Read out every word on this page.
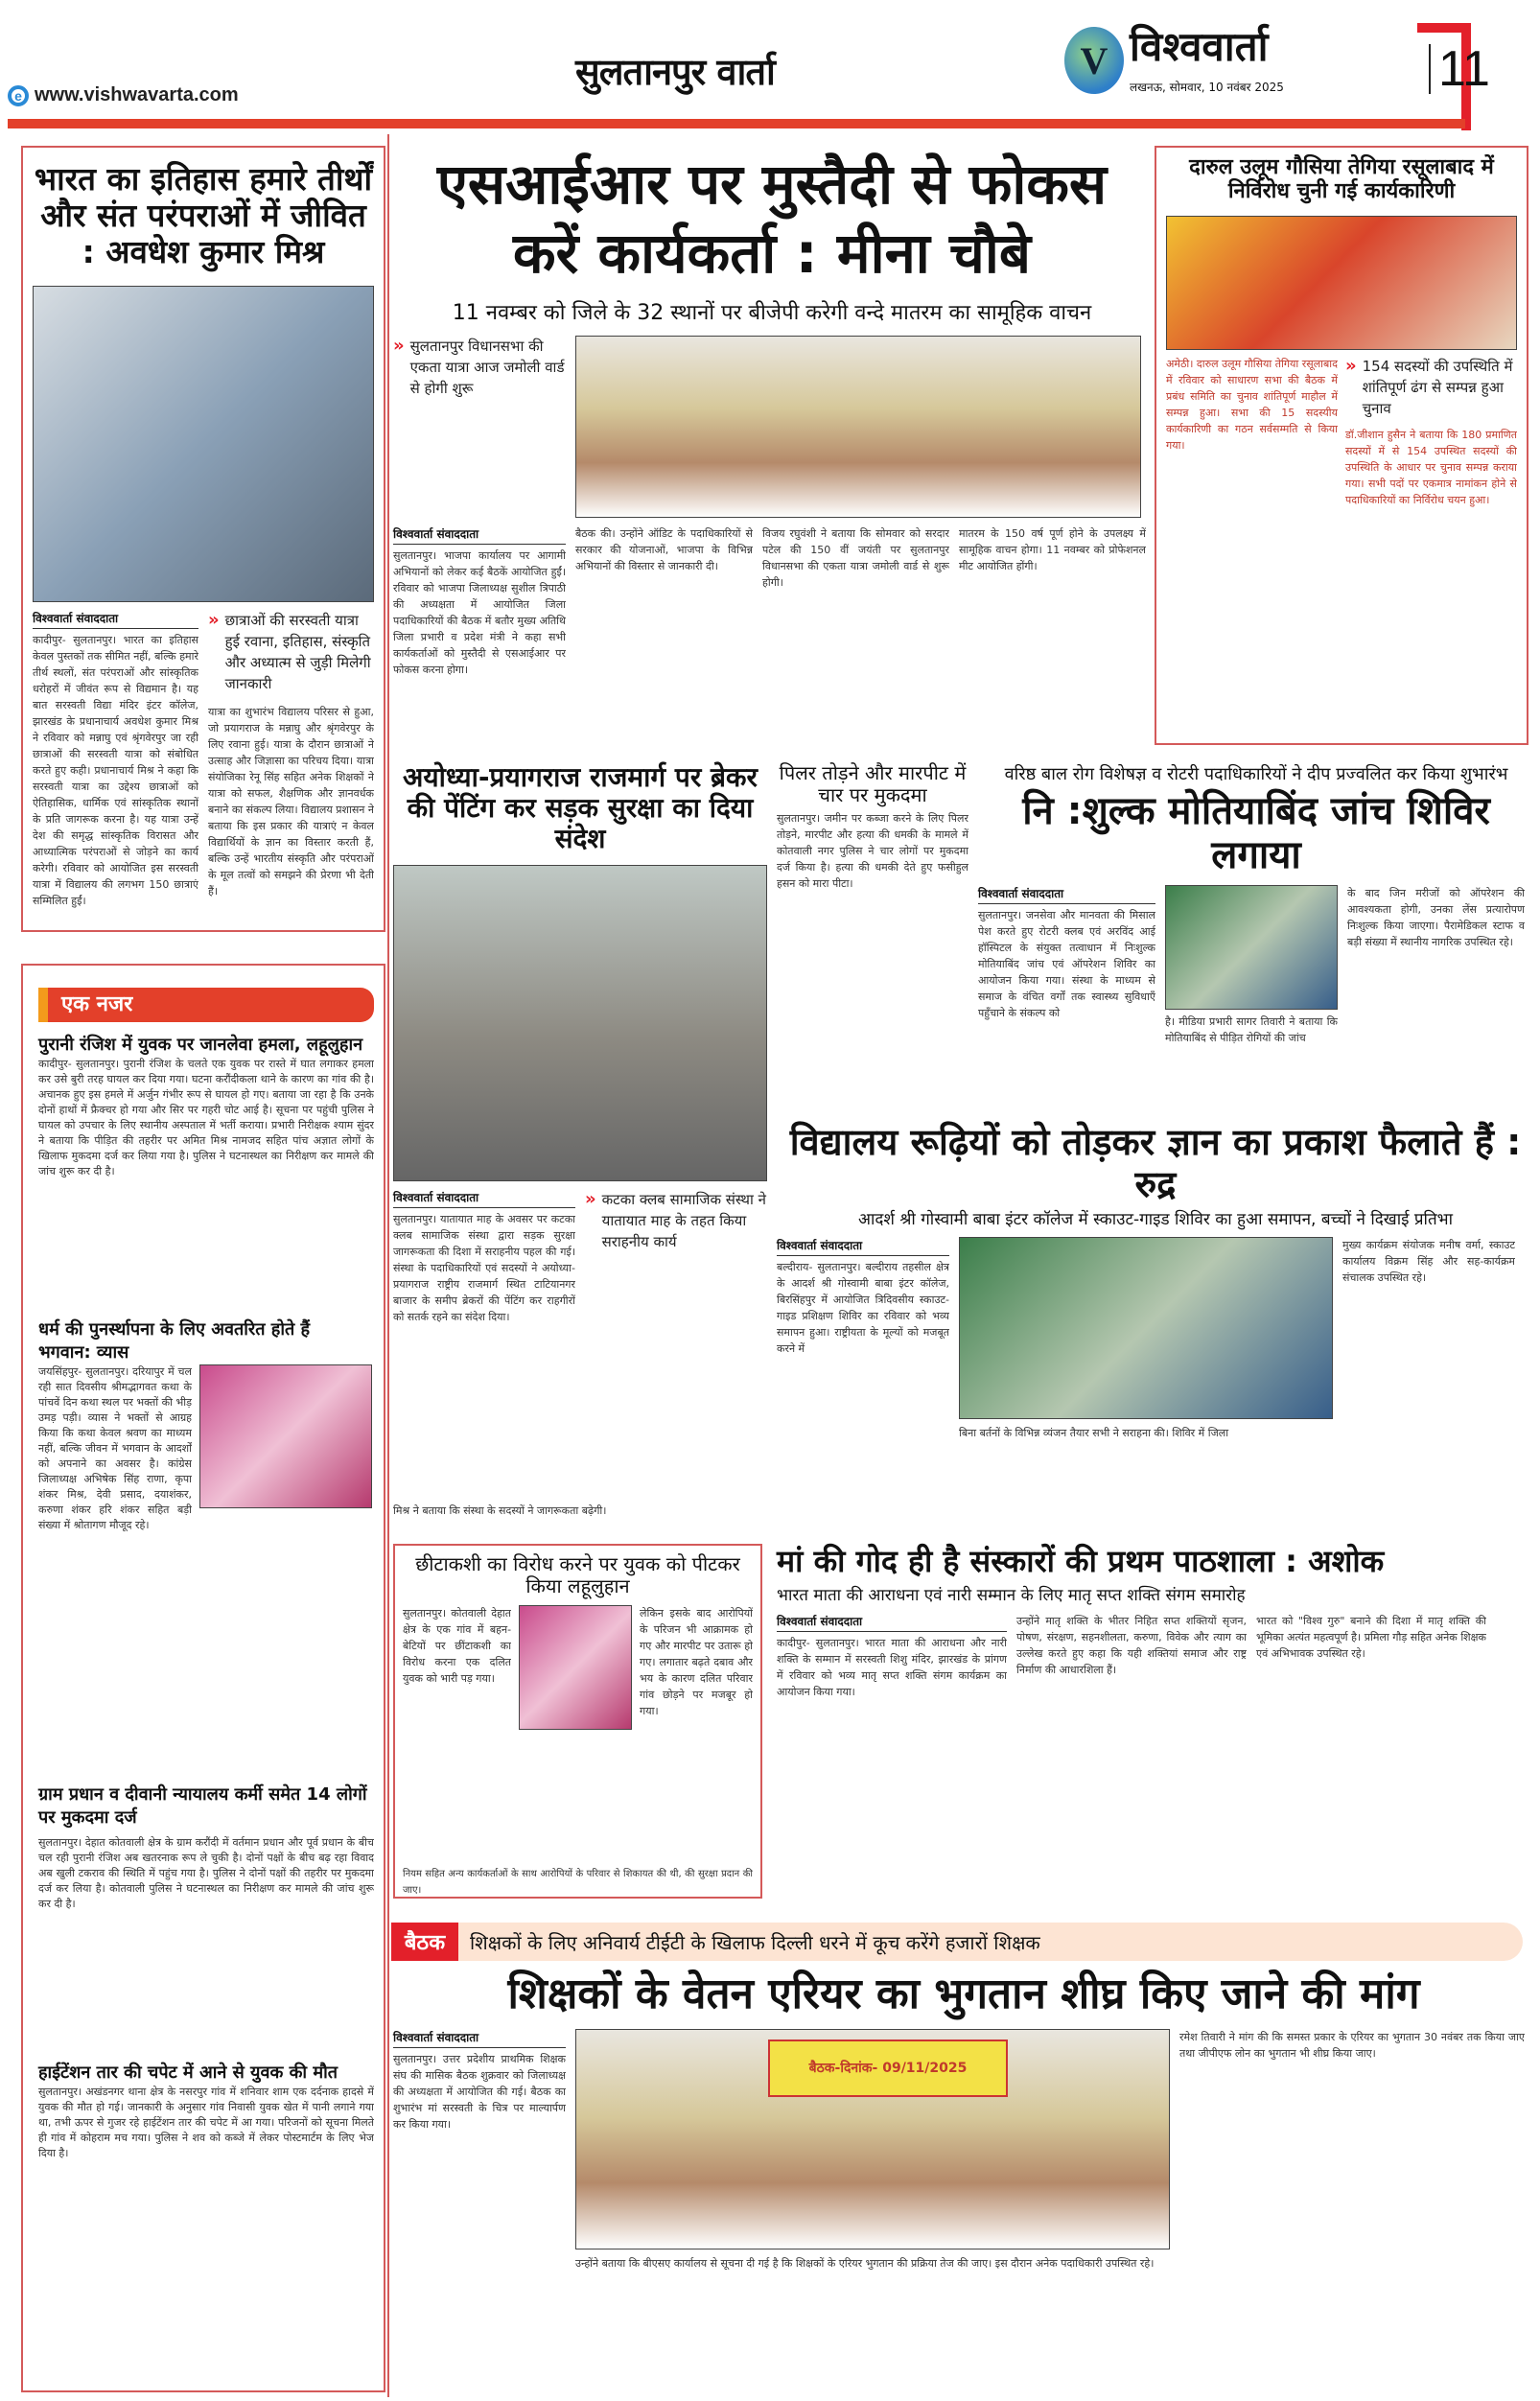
e www.vishwavarta.com
सुलतानपुर वार्ता	V विश्ववार्ता
लखनऊ, सोमवार, 10 नवंबर 2025	11
भारत का इतिहास हमारे तीर्थों और संत परंपराओं में जीवित : अवधेश कुमार मिश्र
विश्ववार्ता संवाददाता
कादीपुर- सुलतानपुर। भारत का इतिहास केवल पुस्तकों तक सीमित नहीं, बल्कि हमारे तीर्थ स्थलों, संत परंपराओं और सांस्कृतिक धरोहरों में जीवंत रूप से विद्यमान है। यह बात सरस्वती विद्या मंदिर इंटर कॉलेज, झारखंड के प्रधानाचार्य अवधेश कुमार मिश्र ने रविवार को मन्नाघु एवं श्रृंगवेरपुर जा रही छात्राओं की सरस्वती यात्रा को संबोधित करते हुए कही। प्रधानाचार्य मिश्र ने कहा कि सरस्वती यात्रा का उद्देश्य छात्राओं को ऐतिहासिक, धार्मिक एवं सांस्कृतिक स्थानों के प्रति जागरूक करना है। यह यात्रा उन्हें देश की समृद्ध सांस्कृतिक विरासत और आध्यात्मिक परंपराओं से जोड़ने का कार्य करेगी। रविवार को आयोजित इस सरस्वती यात्रा में विद्यालय की लगभग 150 छात्राएं सम्मिलित हुईं।
» छात्राओं की सरस्वती यात्रा हुई रवाना, इतिहास, संस्कृति और अध्यात्म से जुड़ी मिलेगी जानकारी
यात्रा का शुभारंभ विद्यालय परिसर से हुआ, जो प्रयागराज के मन्नाघु और श्रृंगवेरपुर के लिए रवाना हुई। यात्रा के दौरान छात्राओं ने उत्साह और जिज्ञासा का परिचय दिया। यात्रा संयोजिका रेनू सिंह सहित अनेक शिक्षकों ने यात्रा को सफल, शैक्षणिक और ज्ञानवर्धक बनाने का संकल्प लिया। विद्यालय प्रशासन ने बताया कि इस प्रकार की यात्राएं न केवल विद्यार्थियों के ज्ञान का विस्तार करती हैं, बल्कि उन्हें भारतीय संस्कृति और परंपराओं के मूल तत्वों को समझने की प्रेरणा भी देती हैं।
एसआईआर पर मुस्तैदी से फोकस करें कार्यकर्ता : मीना चौबे
11 नवम्बर को जिले के 32 स्थानों पर बीजेपी करेगी वन्दे मातरम का सामूहिक वाचन
» सुलतानपुर विधानसभा की एकता यात्रा आज जमोली वार्ड से होगी शुरू
विश्ववार्ता संवाददाता
सुलतानपुर। भाजपा कार्यालय पर आगामी अभियानों को लेकर कई बैठकें आयोजित हुईं। रविवार को भाजपा जिलाध्यक्ष सुशील त्रिपाठी की अध्यक्षता में आयोजित जिला पदाधिकारियों की बैठक में बतौर मुख्य अतिथि जिला प्रभारी व प्रदेश मंत्री ने कहा सभी कार्यकर्ताओं को मुस्तैदी से एसआईआर पर फोकस करना होगा।
बैठक की। उन्होंने ऑडिट के पदाधिकारियों से सरकार की योजनाओं, भाजपा के विभिन्न अभियानों की विस्तार से जानकारी दी।
विजय रघुवंशी ने बताया कि सोमवार को सरदार पटेल की 150 वीं जयंती पर सुलतानपुर विधानसभा की एकता यात्रा जमोली वार्ड से शुरू होगी।
मातरम के 150 वर्ष पूर्ण होने के उपलक्ष्य में सामूहिक वाचन होगा। 11 नवम्बर को प्रोफेशनल मीट आयोजित होंगी।
दारुल उलूम गौसिया तेगिया रसूलाबाद में निर्विरोध चुनी गई कार्यकारिणी
अमेठी। दारुल उलूम गौसिया तेगिया रसूलाबाद में रविवार को साधारण सभा की बैठक में प्रबंध समिति का चुनाव शांतिपूर्ण माहौल में सम्पन्न हुआ। सभा की 15 सदस्यीय कार्यकारिणी का गठन सर्वसम्मति से किया गया।
» 154 सदस्यों की उपस्थिति में शांतिपूर्ण ढंग से सम्पन्न हुआ चुनाव
डॉ.जीशान हुसैन ने बताया कि 180 प्रमाणित सदस्यों में से 154 उपस्थित सदस्यों की उपस्थिति के आधार पर चुनाव सम्पन्न कराया गया। सभी पदों पर एकमात्र नामांकन होने से पदाधिकारियों का निर्विरोध चयन हुआ।
एक नजर
पुरानी रंजिश में युवक पर जानलेवा हमला, लहूलुहान
कादीपुर- सुलतानपुर। पुरानी रंजिश के चलते एक युवक पर रास्ते में घात लगाकर हमला कर उसे बुरी तरह घायल कर दिया गया। घटना करौंदीकला थाने के कारण का गांव की है। अचानक हुए इस हमले में अर्जुन गंभीर रूप से घायल हो गए। बताया जा रहा है कि उनके दोनों हाथों में फ्रैक्चर हो गया और सिर पर गहरी चोट आई है। सूचना पर पहुंची पुलिस ने घायल को उपचार के लिए स्थानीय अस्पताल में भर्ती कराया। प्रभारी निरीक्षक श्याम सुंदर ने बताया कि पीड़ित की तहरीर पर अमित मिश्र नामजद सहित पांच अज्ञात लोगों के खिलाफ मुकदमा दर्ज कर लिया गया है। पुलिस ने घटनास्थल का निरीक्षण कर मामले की जांच शुरू कर दी है।
धर्म की पुनर्स्थापना के लिए अवतरित होते हैं भगवान: व्यास
जयसिंहपुर- सुलतानपुर। दरियापुर में चल रही सात दिवसीय श्रीमद्भागवत कथा के पांचवें दिन कथा स्थल पर भक्तों की भीड़ उमड़ पड़ी। व्यास ने भक्तों से आग्रह किया कि कथा केवल श्रवण का माध्यम नहीं, बल्कि जीवन में भगवान के आदर्शों को अपनाने का अवसर है। कांग्रेस जिलाध्यक्ष अभिषेक सिंह राणा, कृपा शंकर मिश्र, देवी प्रसाद, दयाशंकर, करुणा शंकर हरि शंकर सहित बड़ी संख्या में श्रोतागण मौजूद रहे।
ग्राम प्रधान व दीवानी न्यायालय कर्मी समेत 14 लोगों पर मुकदमा दर्ज
सुलतानपुर। देहात कोतवाली क्षेत्र के ग्राम करौंदी में वर्तमान प्रधान और पूर्व प्रधान के बीच चल रही पुरानी रंजिश अब खतरनाक रूप ले चुकी है। दोनों पक्षों के बीच बढ़ रहा विवाद अब खुली टकराव की स्थिति में पहुंच गया है। पुलिस ने दोनों पक्षों की तहरीर पर मुकदमा दर्ज कर लिया है। कोतवाली पुलिस ने घटनास्थल का निरीक्षण कर मामले की जांच शुरू कर दी है।
हाईटेंशन तार की चपेट में आने से युवक की मौत
सुलतानपुर। अखंडनगर थाना क्षेत्र के नसरपुर गांव में शनिवार शाम एक दर्दनाक हादसे में युवक की मौत हो गई। जानकारी के अनुसार गांव निवासी युवक खेत में पानी लगाने गया था, तभी ऊपर से गुजर रहे हाईटेंशन तार की चपेट में आ गया। परिजनों को सूचना मिलते ही गांव में कोहराम मच गया। पुलिस ने शव को कब्जे में लेकर पोस्टमार्टम के लिए भेज दिया है।
अयोध्या-प्रयागराज राजमार्ग पर ब्रेकर की पेंटिंग कर सड़क सुरक्षा का दिया संदेश
विश्ववार्ता संवाददाता
सुलतानपुर। यातायात माह के अवसर पर कटका क्लब सामाजिक संस्था द्वारा सड़क सुरक्षा जागरूकता की दिशा में सराहनीय पहल की गई। संस्था के पदाधिकारियों एवं सदस्यों ने अयोध्या-प्रयागराज राष्ट्रीय राजमार्ग स्थित टाटियानगर बाजार के समीप ब्रेकरों की पेंटिंग कर राहगीरों को सतर्क रहने का संदेश दिया।
» कटका क्लब सामाजिक संस्था ने यातायात माह के तहत किया सराहनीय कार्य
मिश्र ने बताया कि संस्था के सदस्यों ने जागरूकता बढ़ेगी।
पिलर तोड़ने और मारपीट में चार पर मुकदमा
सुलतानपुर। जमीन पर कब्जा करने के लिए पिलर तोड़ने, मारपीट और हत्या की धमकी के मामले में कोतवाली नगर पुलिस ने चार लोगों पर मुकदमा दर्ज किया है। हत्या की धमकी देते हुए फसीहुल हसन को मारा पीटा।
वरिष्ठ बाल रोग विशेषज्ञ व रोटरी पदाधिकारियों ने दीप प्रज्वलित कर किया शुभारंभ
नि :शुल्क मोतियाबिंद जांच शिविर लगाया
विश्ववार्ता संवाददाता
सुलतानपुर। जनसेवा और मानवता की मिसाल पेश करते हुए रोटरी क्लब एवं अरविंद आई हॉस्पिटल के संयुक्त तत्वाधान में निःशुल्क मोतियाबिंद जांच एवं ऑपरेशन शिविर का आयोजन किया गया। संस्था के माध्यम से समाज के वंचित वर्गों तक स्वास्थ्य सुविधाएँ पहुँचाने के संकल्प को
है। मीडिया प्रभारी सागर तिवारी ने बताया कि मोतियाबिंद से पीड़ित रोगियों की जांच
के बाद जिन मरीजों को ऑपरेशन की आवश्यकता होगी, उनका लेंस प्रत्यारोपण निःशुल्क किया जाएगा। पैरामेडिकल स्टाफ व बड़ी संख्या में स्थानीय नागरिक उपस्थित रहे।
विद्यालय रूढ़ियों को तोड़कर ज्ञान का प्रकाश फैलाते हैं : रुद्र
आदर्श श्री गोस्वामी बाबा इंटर कॉलेज में स्काउट-गाइड शिविर का हुआ समापन, बच्चों ने दिखाई प्रतिभा
विश्ववार्ता संवाददाता
बल्दीराय- सुलतानपुर। बल्दीराय तहसील क्षेत्र के आदर्श श्री गोस्वामी बाबा इंटर कॉलेज, बिरसिंहपुर में आयोजित त्रिदिवसीय स्काउट-गाइड प्रशिक्षण शिविर का रविवार को भव्य समापन हुआ। राष्ट्रीयता के मूल्यों को मजबूत करने में
बिना बर्तनों के विभिन्न व्यंजन तैयार सभी ने सराहना की। शिविर में जिला
मुख्य कार्यक्रम संयोजक मनीष वर्मा, स्काउट कार्यालय विक्रम सिंह और सह-कार्यक्रम संचालक उपस्थित रहे।
छीटाकशी का विरोध करने पर युवक को पीटकर किया लहूलुहान
सुलतानपुर। कोतवाली देहात क्षेत्र के एक गांव में बहन-बेटियों पर छींटाकशी का विरोध करना एक दलित युवक को भारी पड़ गया।
लेकिन इसके बाद आरोपियों के परिजन भी आक्रामक हो गए और मारपीट पर उतारू हो गए। लगातार बढ़ते दबाव और भय के कारण दलित परिवार गांव छोड़ने पर मजबूर हो गया।
नियम सहित अन्य कार्यकर्ताओं के साथ आरोपियों के परिवार से शिकायत की थी, की सुरक्षा प्रदान की जाए।
मां की गोद ही है संस्कारों की प्रथम पाठशाला : अशोक
भारत माता की आराधना एवं नारी सम्मान के लिए मातृ सप्त शक्ति संगम समारोह
विश्ववार्ता संवाददाता
कादीपुर- सुलतानपुर। भारत माता की आराधना और नारी शक्ति के सम्मान में सरस्वती शिशु मंदिर, झारखंड के प्रांगण में रविवार को भव्य मातृ सप्त शक्ति संगम कार्यक्रम का आयोजन किया गया।
उन्होंने मातृ शक्ति के भीतर निहित सप्त शक्तियों सृजन, पोषण, संरक्षण, सहनशीलता, करुणा, विवेक और त्याग का उल्लेख करते हुए कहा कि यही शक्तियां समाज और राष्ट्र निर्माण की आधारशिला हैं।
भारत को "विश्व गुरु" बनाने की दिशा में मातृ शक्ति की भूमिका अत्यंत महत्वपूर्ण है। प्रमिला गौड़ सहित अनेक शिक्षक एवं अभिभावक उपस्थित रहे।
बैठक	शिक्षकों के लिए अनिवार्य टीईटी के खिलाफ दिल्ली धरने में कूच करेंगे हजारों शिक्षक
शिक्षकों के वेतन एरियर का भुगतान शीघ्र किए जाने की मांग
विश्ववार्ता संवाददाता
सुलतानपुर। उत्तर प्रदेशीय प्राथमिक शिक्षक संघ की मासिक बैठक शुक्रवार को जिलाध्यक्ष की अध्यक्षता में आयोजित की गई। बैठक का शुभारंभ मां सरस्वती के चित्र पर माल्यार्पण कर किया गया।
बैठक-दिनांक- 09/11/2025
उन्होंने बताया कि बीएसए कार्यालय से सूचना दी गई है कि शिक्षकों के एरियर भुगतान की प्रक्रिया तेज की जाए। इस दौरान अनेक पदाधिकारी उपस्थित रहे।
रमेश तिवारी ने मांग की कि समस्त प्रकार के एरियर का भुगतान 30 नवंबर तक किया जाए तथा जीपीएफ लोन का भुगतान भी शीघ्र किया जाए।
